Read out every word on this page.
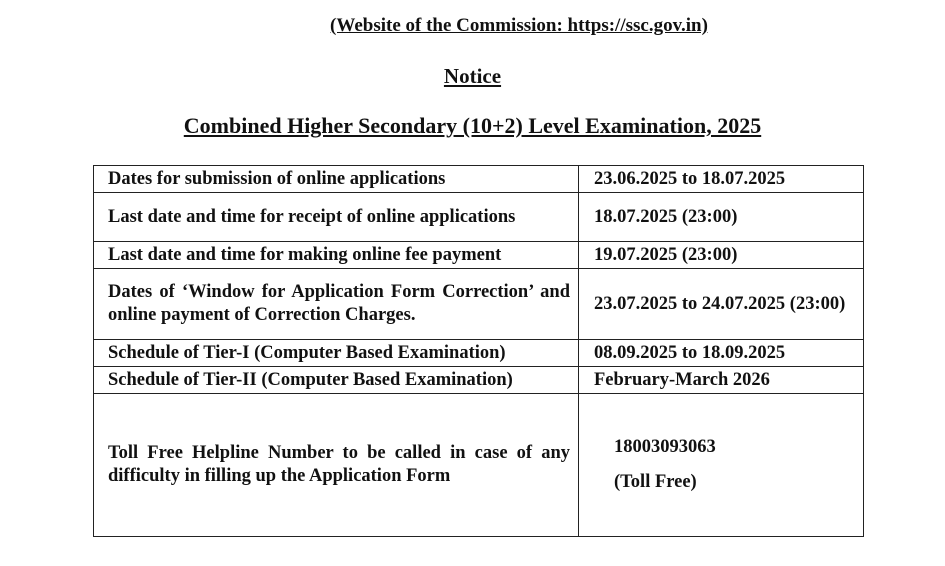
(Website of the Commission: https://ssc.gov.in)
Notice
Combined Higher Secondary (10+2) Level Examination, 2025
Dates for submission of online applications	23.06.2025 to 18.07.2025
Last date and time for receipt of online applications	18.07.2025 (23:00)
Last date and time for making online fee payment	19.07.2025 (23:00)
Dates of ‘Window for Application Form Correction’ and online payment of Correction Charges.	23.07.2025 to 24.07.2025 (23:00)
Schedule of Tier-I (Computer Based Examination)	08.09.2025 to 18.09.2025
Schedule of Tier-II (Computer Based Examination)	February-March 2026
Toll Free Helpline Number to be called in case of any difficulty in filling up the Application Form	18003093063
(Toll Free)
